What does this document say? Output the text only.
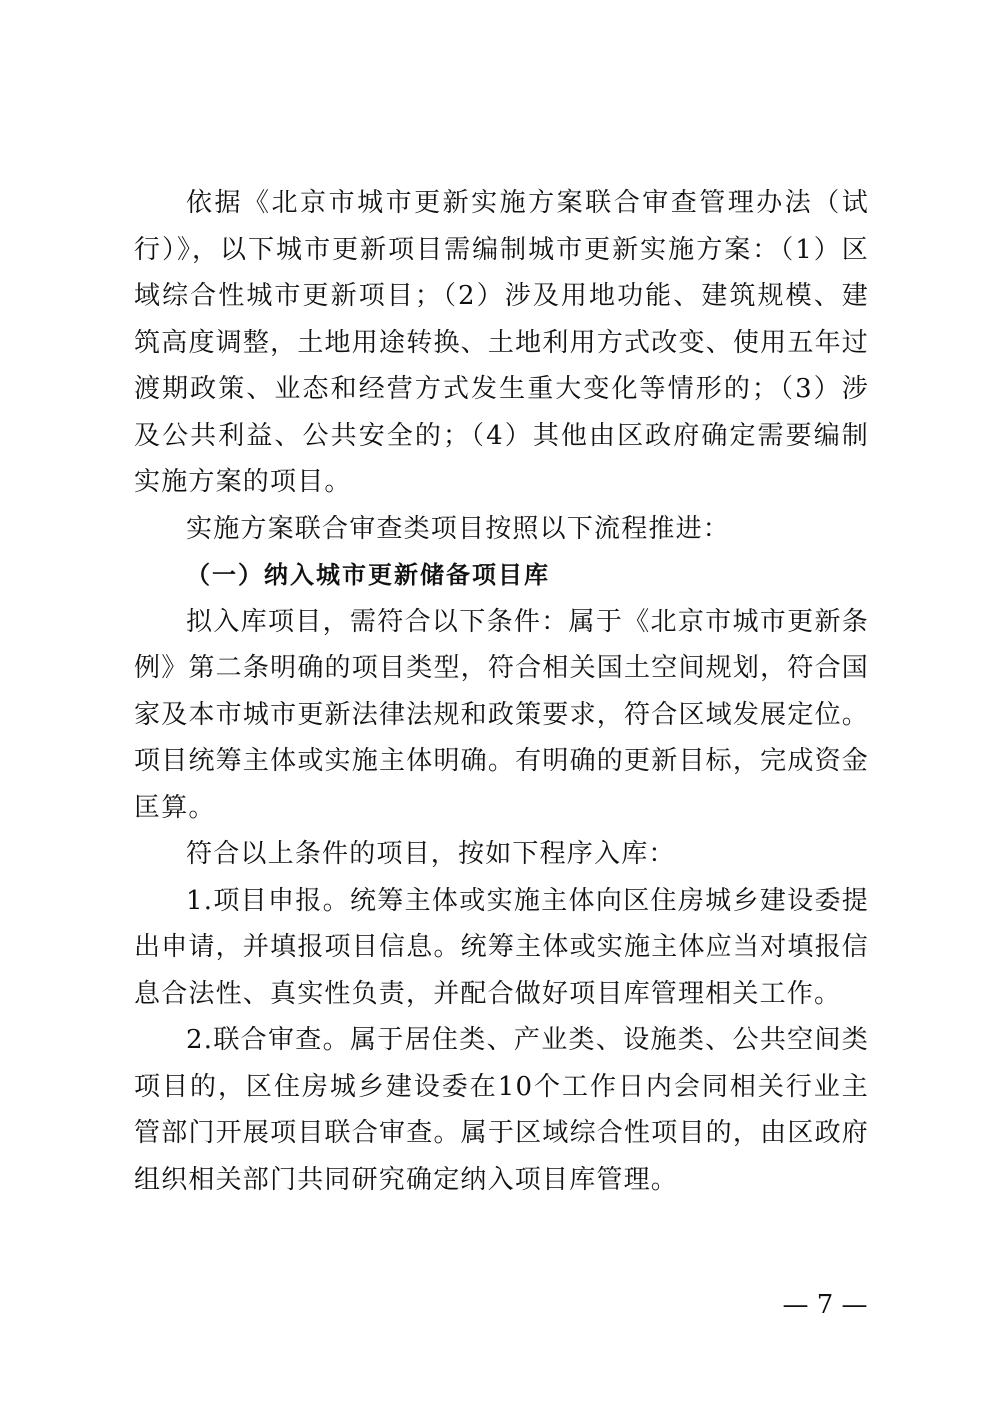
依据《北京市城市更新实施方案联合审查管理办法（试行）》，以下城市更新项目需编制城市更新实施方案：（1）区域综合性城市更新项目；（2）涉及用地功能、建筑规模、建筑高度调整，土地用途转换、土地利用方式改变、使用五年过渡期政策、业态和经营方式发生重大变化等情形的；（3）涉及公共利益、公共安全的；（4）其他由区政府确定需要编制实施方案的项目。

实施方案联合审查类项目按照以下流程推进：

（一）纳入城市更新储备项目库

拟入库项目，需符合以下条件：属于《北京市城市更新条例》第二条明确的项目类型，符合相关国土空间规划，符合国家及本市城市更新法律法规和政策要求，符合区域发展定位。项目统筹主体或实施主体明确。有明确的更新目标，完成资金匡算。

符合以上条件的项目，按如下程序入库：

1.项目申报。统筹主体或实施主体向区住房城乡建设委提出申请，并填报项目信息。统筹主体或实施主体应当对填报信息合法性、真实性负责，并配合做好项目库管理相关工作。

2.联合审查。属于居住类、产业类、设施类、公共空间类项目的，区住房城乡建设委在10个工作日内会同相关行业主管部门开展项目联合审查。属于区域综合性项目的，由区政府组织相关部门共同研究确定纳入项目库管理。

— 7 —
